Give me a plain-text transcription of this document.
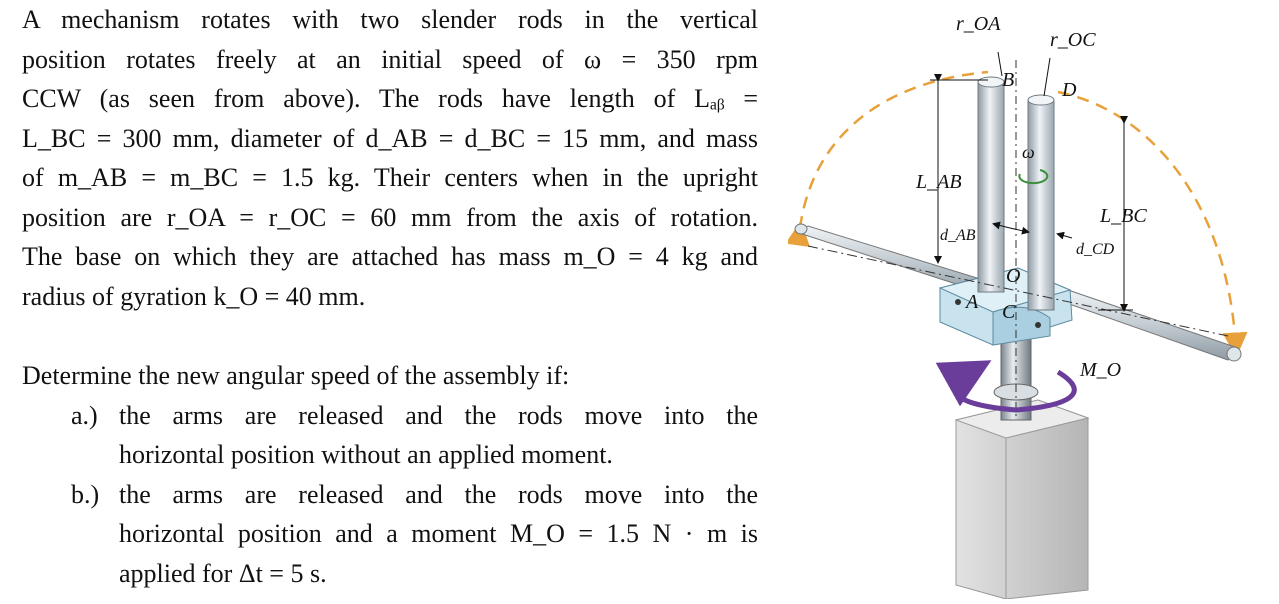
A mechanism rotates with two slender rods in the vertical
position rotates freely at an initial speed of ω = 350 rpm
CCW (as seen from above). The rods have length of Lₐᵦ =
L_BC = 300 mm, diameter of d_AB = d_BC = 15 mm, and mass
of m_AB = m_BC = 1.5 kg. Their centers when in the upright
position are r_OA = r_OC = 60 mm from the axis of rotation.
The base on which they are attached has mass m_O = 4 kg and
radius of gyration k_O = 40 mm.

Determine the new angular speed of the assembly if:

a.) the arms are released and the rods move into the
horizontal position without an applied moment.
b.) the arms are released and the rods move into the
horizontal position and a moment M_O = 1.5 N · m is
applied for Δt = 5 s.
r_OA
r_OC
B D
ω
L_AB
L_BC
d_AB
d_CD
O
A C
M_O
